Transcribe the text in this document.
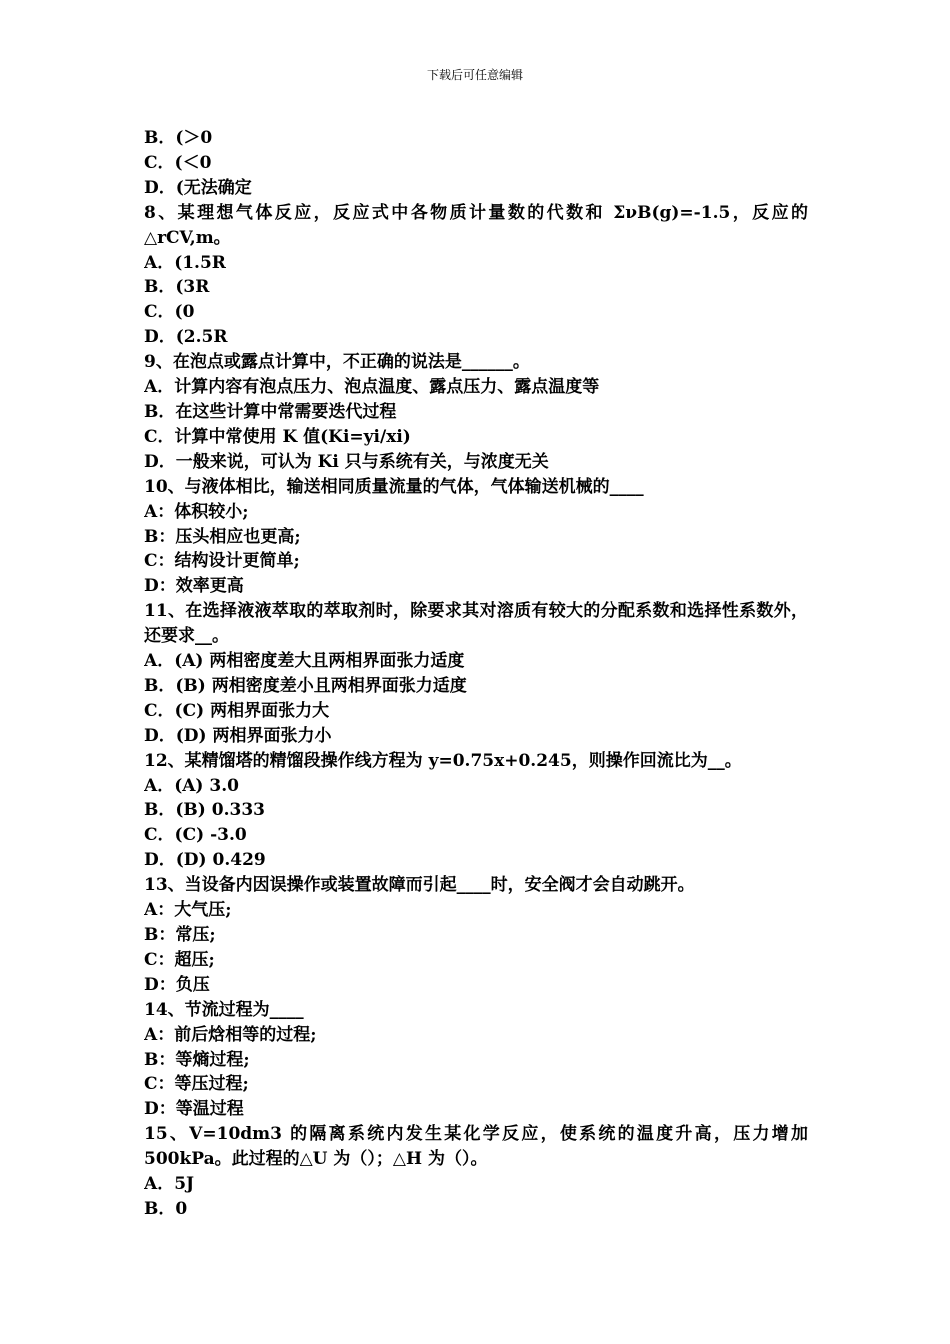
下载后可任意编辑
B．(＞0
C．(＜0
D．(无法确定
8、某理想气体反应，反应式中各物质计量数的代数和 ΣνB(g)=-1.5，反应的△rCV,m。
A．(1.5R
B．(3R
C．(0
D．(2.5R
9、在泡点或露点计算中，不正确的说法是______。
A．计算内容有泡点压力、泡点温度、露点压力、露点温度等
B．在这些计算中常需要迭代过程
C．计算中常使用 K 值(Ki=yi/xi)
D．一般来说，可认为 Ki 只与系统有关，与浓度无关
10、与液体相比，输送相同质量流量的气体，气体输送机械的____
A：体积较小;
B：压头相应也更高;
C：结构设计更简单;
D：效率更高
11、在选择液液萃取的萃取剂时，除要求其对溶质有较大的分配系数和选择性系数外，还要求__。
A．(A) 两相密度差大且两相界面张力适度
B．(B) 两相密度差小且两相界面张力适度
C．(C) 两相界面张力大
D．(D) 两相界面张力小
12、某精馏塔的精馏段操作线方程为 y=0.75x+0.245，则操作回流比为__。
A．(A) 3.0
B．(B) 0.333
C．(C) -3.0
D．(D) 0.429
13、当设备内因误操作或装置故障而引起____时，安全阀才会自动跳开。
A：大气压;
B：常压;
C：超压;
D：负压
14、节流过程为____
A：前后焓相等的过程;
B：等熵过程;
C：等压过程;
D：等温过程
15、V=10dm3 的隔离系统内发生某化学反应，使系统的温度升高，压力增加500kPa。此过程的△U 为（）；△H 为（）。
A．5J
B．0
